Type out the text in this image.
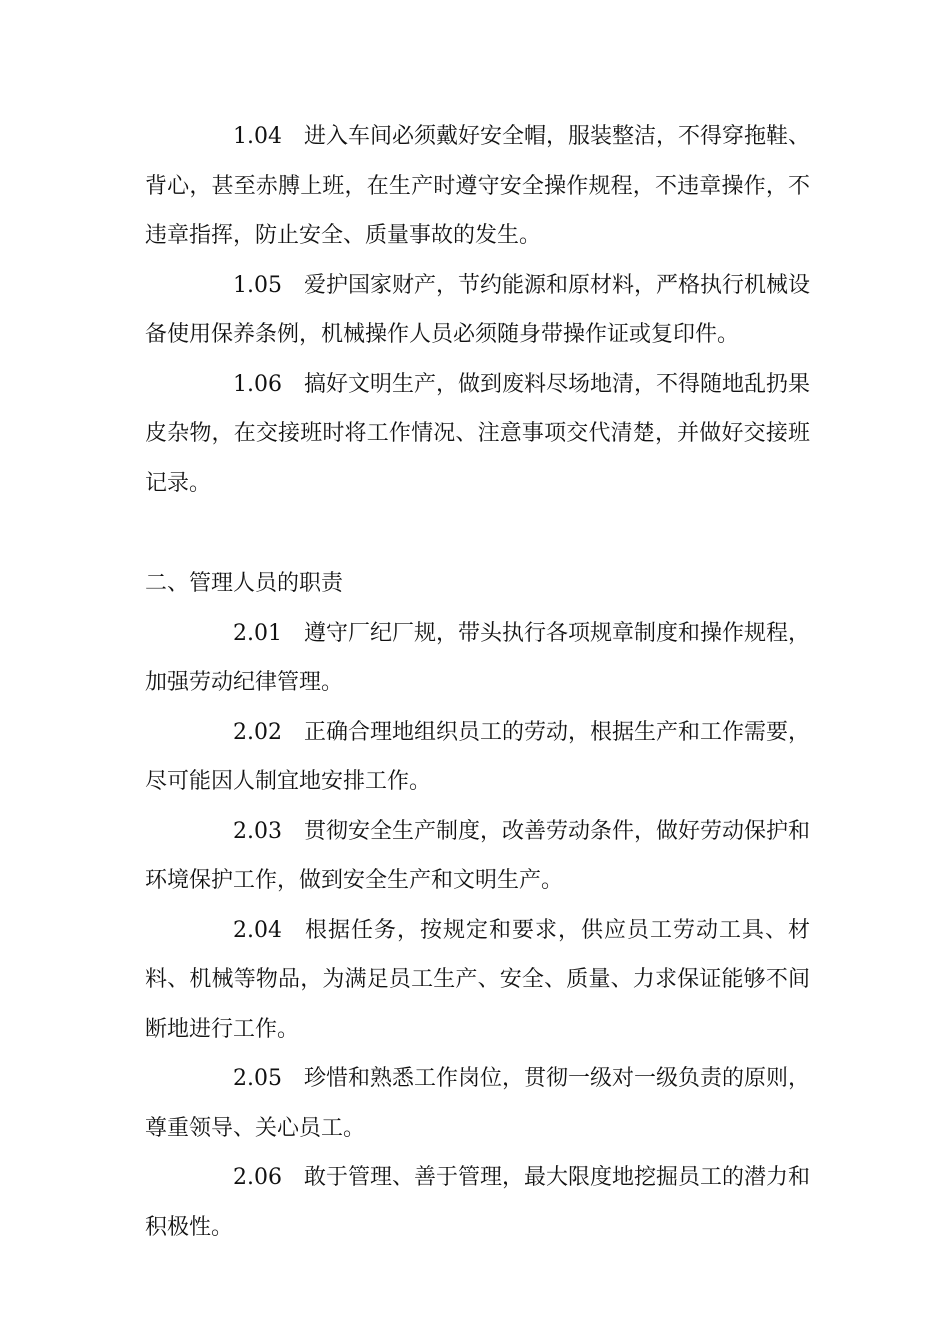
1.04 进入车间必须戴好安全帽，服装整洁，不得穿拖鞋、背心，甚至赤膊上班，在生产时遵守安全操作规程，不违章操作，不违章指挥，防止安全、质量事故的发生。

1.05 爱护国家财产，节约能源和原材料，严格执行机械设备使用保养条例，机械操作人员必须随身带操作证或复印件。

1.06 搞好文明生产，做到废料尽场地清，不得随地乱扔果皮杂物，在交接班时将工作情况、注意事项交代清楚，并做好交接班记录。

二、管理人员的职责

2.01 遵守厂纪厂规，带头执行各项规章制度和操作规程，加强劳动纪律管理。

2.02 正确合理地组织员工的劳动，根据生产和工作需要，尽可能因人制宜地安排工作。

2.03 贯彻安全生产制度，改善劳动条件，做好劳动保护和环境保护工作，做到安全生产和文明生产。

2.04 根据任务，按规定和要求，供应员工劳动工具、材料、机械等物品，为满足员工生产、安全、质量、力求保证能够不间断地进行工作。

2.05 珍惜和熟悉工作岗位，贯彻一级对一级负责的原则，尊重领导、关心员工。

2.06 敢于管理、善于管理，最大限度地挖掘员工的潜力和积极性。
